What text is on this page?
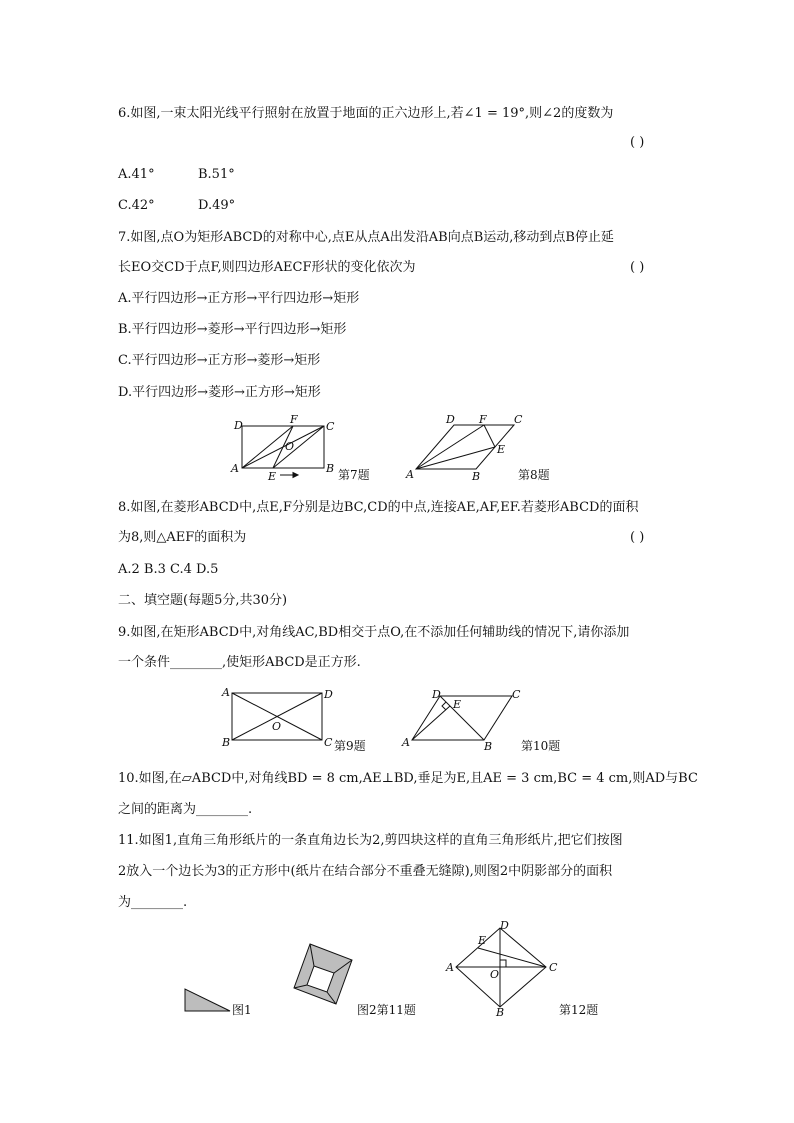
6.如图,一束太阳光线平行照射在放置于地面的正六边形上,若∠1 = 19°,则∠2的度数为
( )
A.41°	B.51°
C.42°	D.49°
7.如图,点O为矩形ABCD的对称中心,点E从点A出发沿AB向点B运动,移动到点B停止延
长EO交CD于点F,则四边形AECF形状的变化依次为	( )
A.平行四边形→正方形→平行四边形→矩形
B.平行四边形→菱形→平行四边形→矩形
C.平行四边形→正方形→菱形→矩形
D.平行四边形→菱形→正方形→矩形
A	B
C
D
E
F
O
第7题	A	B
C
D
E
F
第8题
8.如图,在菱形ABCD中,点E,F分别是边BC,CD的中点,连接AE,AF,EF.若菱形ABCD的面积
为8,则△AEF的面积为	( )
A.2 B.3 C.4 D.5
二、填空题(每题5分,共30分)
9.如图,在矩形ABCD中,对角线AC,BD相交于点O,在不添加任何辅助线的情况下,请你添加
一个条件________,使矩形ABCD是正方形.
A
B	C
D
O
第9题	A	B
C
D
E
第10题
10.如图,在▱ABCD中,对角线BD = 8 cm,AE⊥BD,垂足为E,且AE = 3 cm,BC = 4 cm,则AD与BC
之间的距离为________.
11.如图1,直角三角形纸片的一条直角边长为2,剪四块这样的直角三角形纸片,把它们按图
2放入一个边长为3的正方形中(纸片在结合部分不重叠无缝隙),则图2中阴影部分的面积
为________.
图1	图2第11题
A
B
C
D
E
O
第12题
